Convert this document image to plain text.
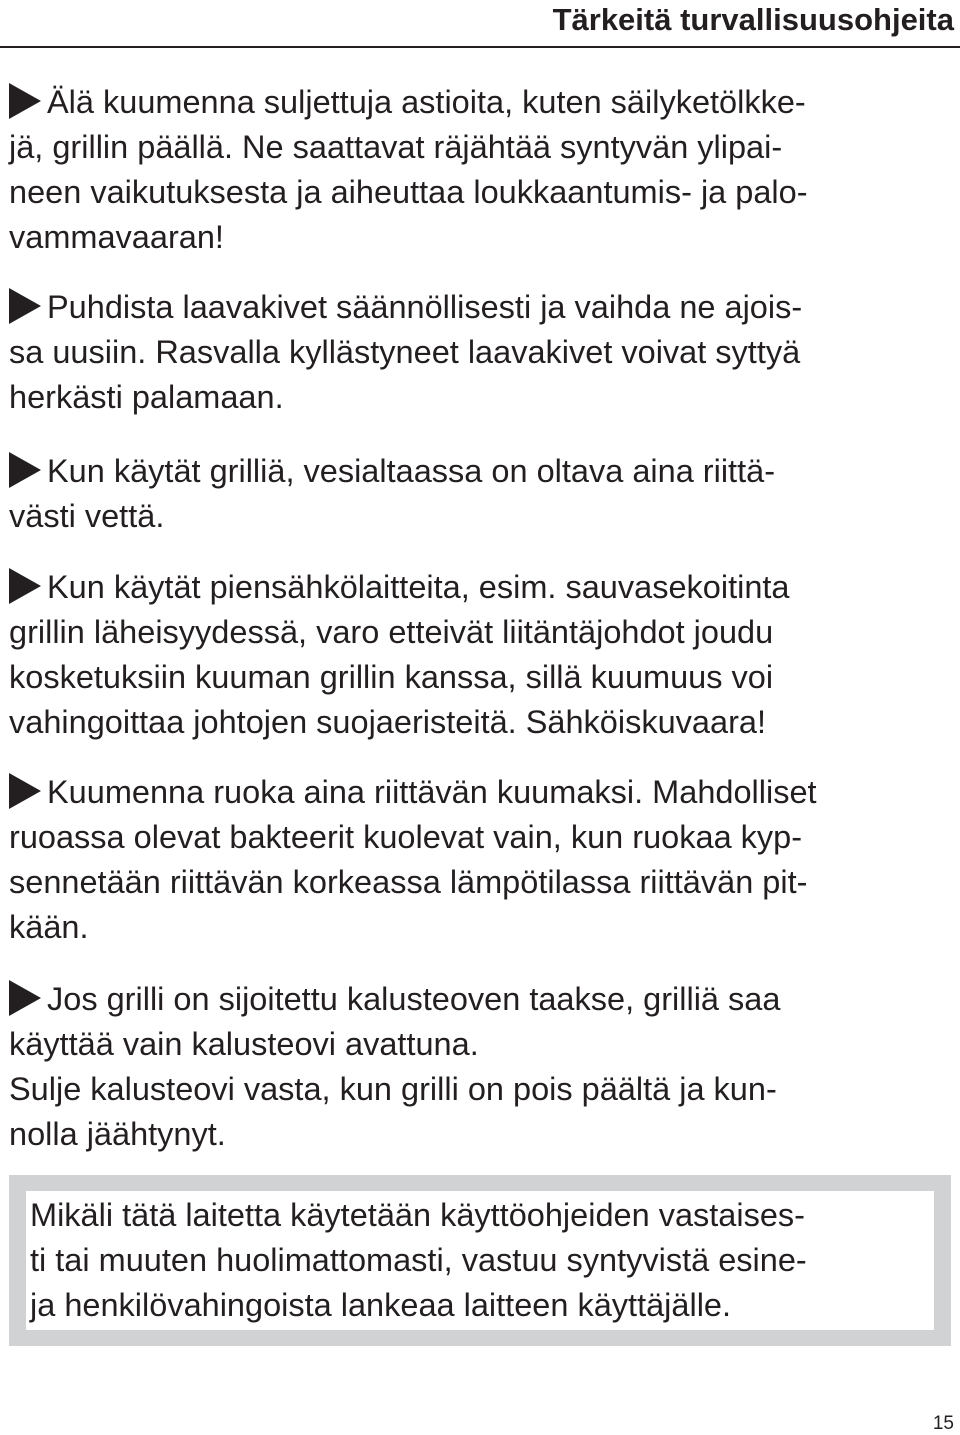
Tärkeitä turvallisuusohjeita

Älä kuumenna suljettuja astioita, kuten säilyketölkke-
jä, grillin päällä. Ne saattavat räjähtää syntyvän ylipai-
neen vaikutuksesta ja aiheuttaa loukkaantumis- ja palo-
vammavaaran!

Puhdista laavakivet säännöllisesti ja vaihda ne ajois-
sa uusiin. Rasvalla kyllästyneet laavakivet voivat syttyä
herkästi palamaan.

Kun käytät grilliä, vesialtaassa on oltava aina riittä-
västi vettä.

Kun käytät piensähkölaitteita, esim. sauvasekoitinta
grillin läheisyydessä, varo etteivät liitäntäjohdot joudu
kosketuksiin kuuman grillin kanssa, sillä kuumuus voi
vahingoittaa johtojen suojaeristeitä. Sähköiskuvaara!

Kuumenna ruoka aina riittävän kuumaksi. Mahdolliset
ruoassa olevat bakteerit kuolevat vain, kun ruokaa kyp-
sennetään riittävän korkeassa lämpötilassa riittävän pit-
kään.

Jos grilli on sijoitettu kalusteoven taakse, grilliä saa
käyttää vain kalusteovi avattuna.
Sulje kalusteovi vasta, kun grilli on pois päältä ja kun-
nolla jäähtynyt.

Mikäli tätä laitetta käytetään käyttöohjeiden vastaises-
ti tai muuten huolimattomasti, vastuu syntyvistä esine-
ja henkilövahingoista lankeaa laitteen käyttäjälle.

15
